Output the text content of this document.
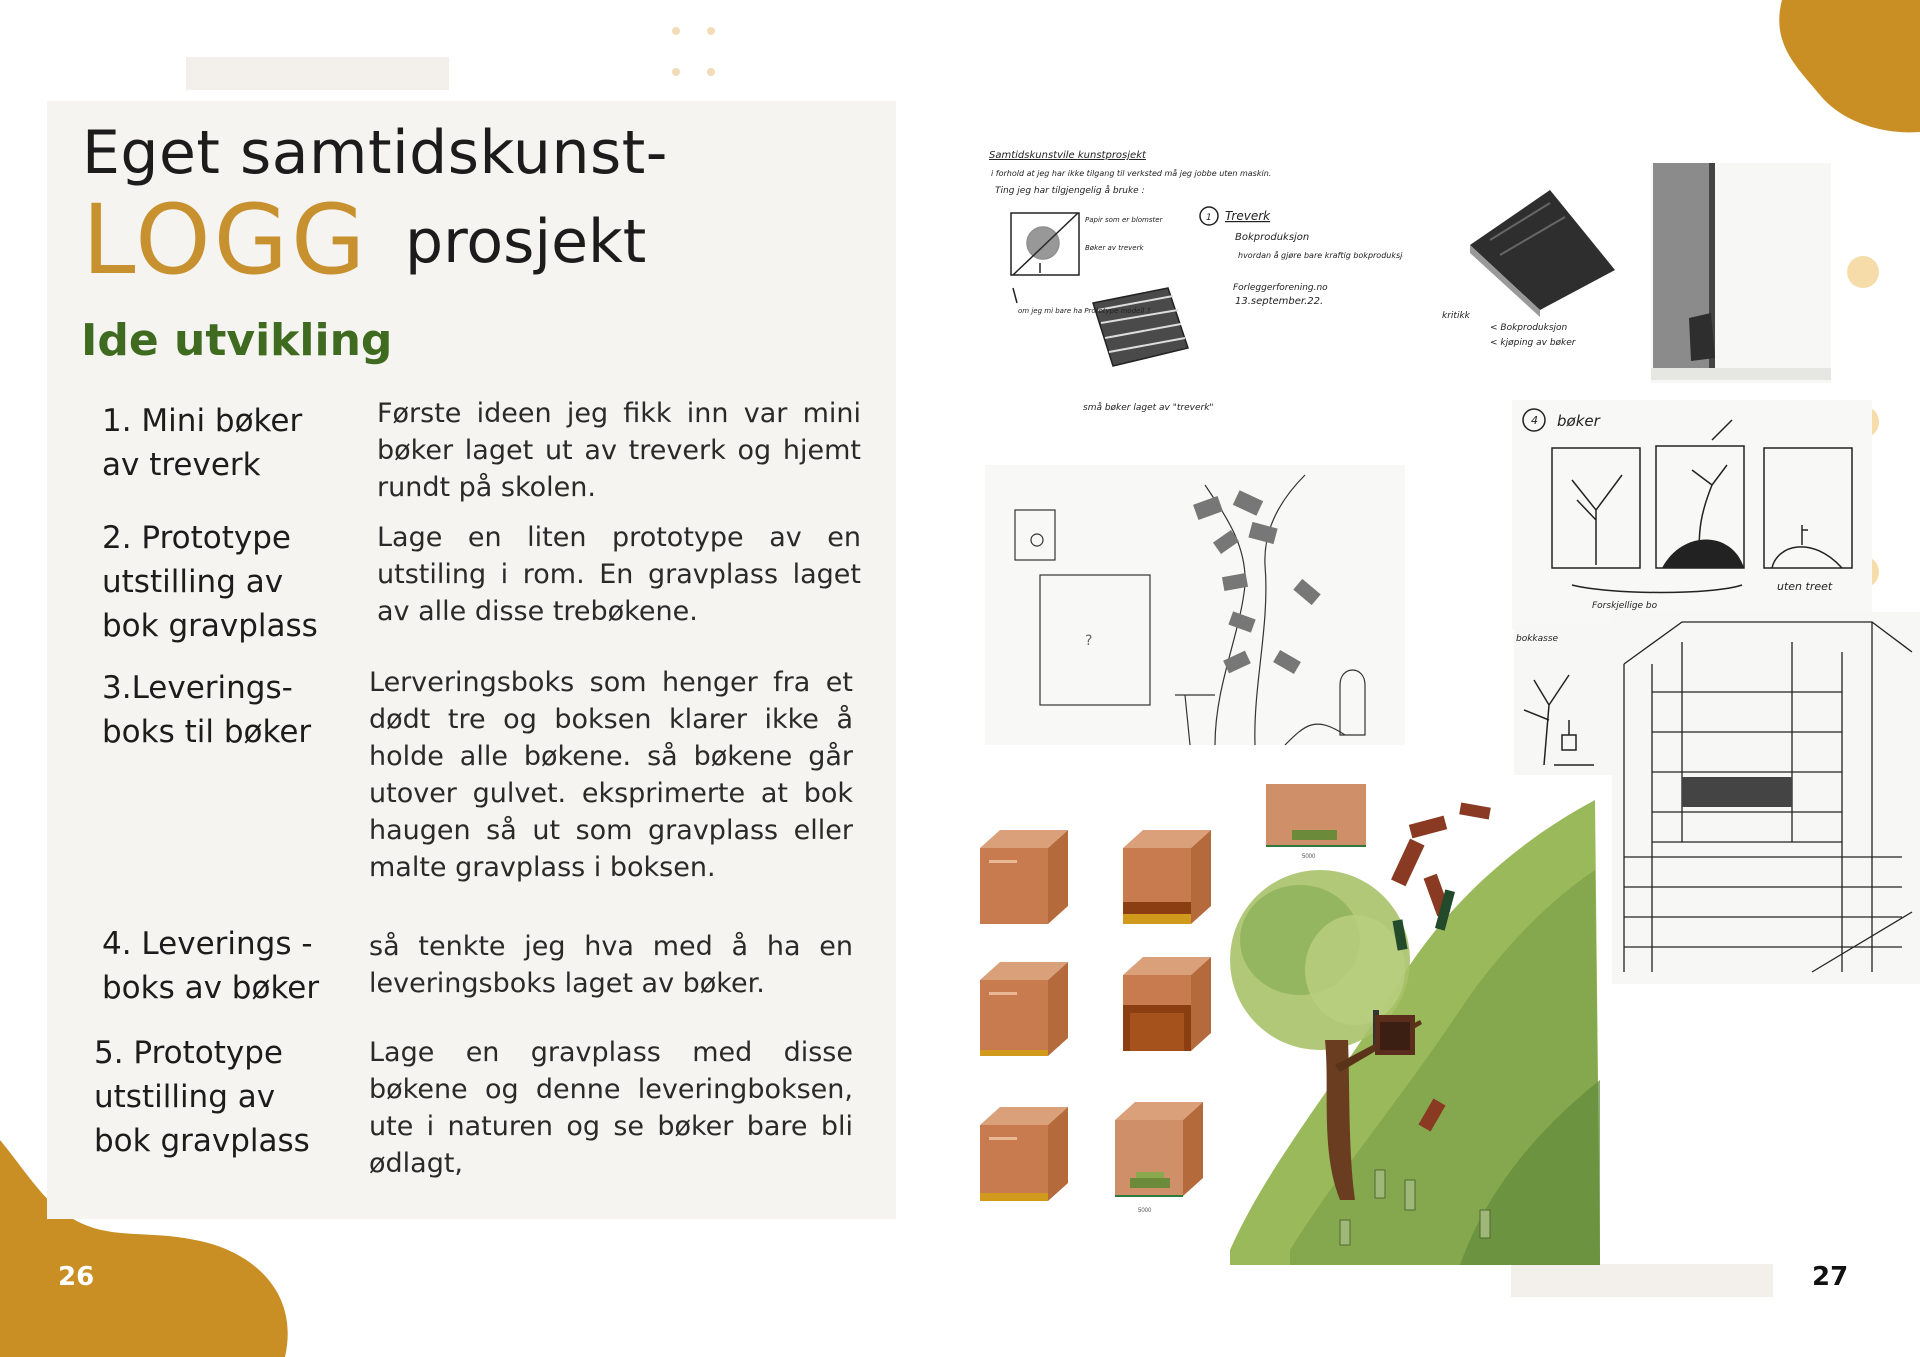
Eget samtidskunst-
LOGG prosjekt
Ide utvikling
1. Mini bøker
av treverk
Første ideen jeg fikk inn var mini bøker laget ut av treverk og hjemt rundt på skolen.
2. Prototype
utstilling av
bok gravplass
Lage en liten prototype av en utstiling i rom. En gravplass laget av alle disse trebøkene.
3.Leverings-
boks til bøker
Lerveringsboks som henger fra et dødt tre og boksen klarer ikke å holde alle bøkene. så bøkene går utover gulvet. eksprimerte at bok haugen så ut som gravplass eller malte gravplass i boksen.
4. Leverings -
boks av bøker
så tenkte jeg hva med å ha en leveringsboks laget av bøker.
5. Prototype
utstilling av
bok gravplass
Lage en gravplass med disse bøkene og denne leveringboksen, ute i naturen og se bøker bare bli ødlagt,
26	27
Samtidskunstvile kunstprosjekt
i forhold at jeg har ikke tilgang til verksted må jeg jobbe uten maskin.
Ting jeg har tilgjengelig å bruke :
Papir som er blomster
Bøker av treverk
1 Treverk
Bokproduksjon
hvordan å gjøre bare kraftig bokproduksjon ?
Forleggerforening.no
13.september.22.
om jeg mi bare ha Prototype modell ?
små bøker laget av "treverk"
kritikk
< Bokproduksjon
< kjøping av bøker
?
4 bøker
Forskjellige bo
uten treet
bokkasse
5000
5000
